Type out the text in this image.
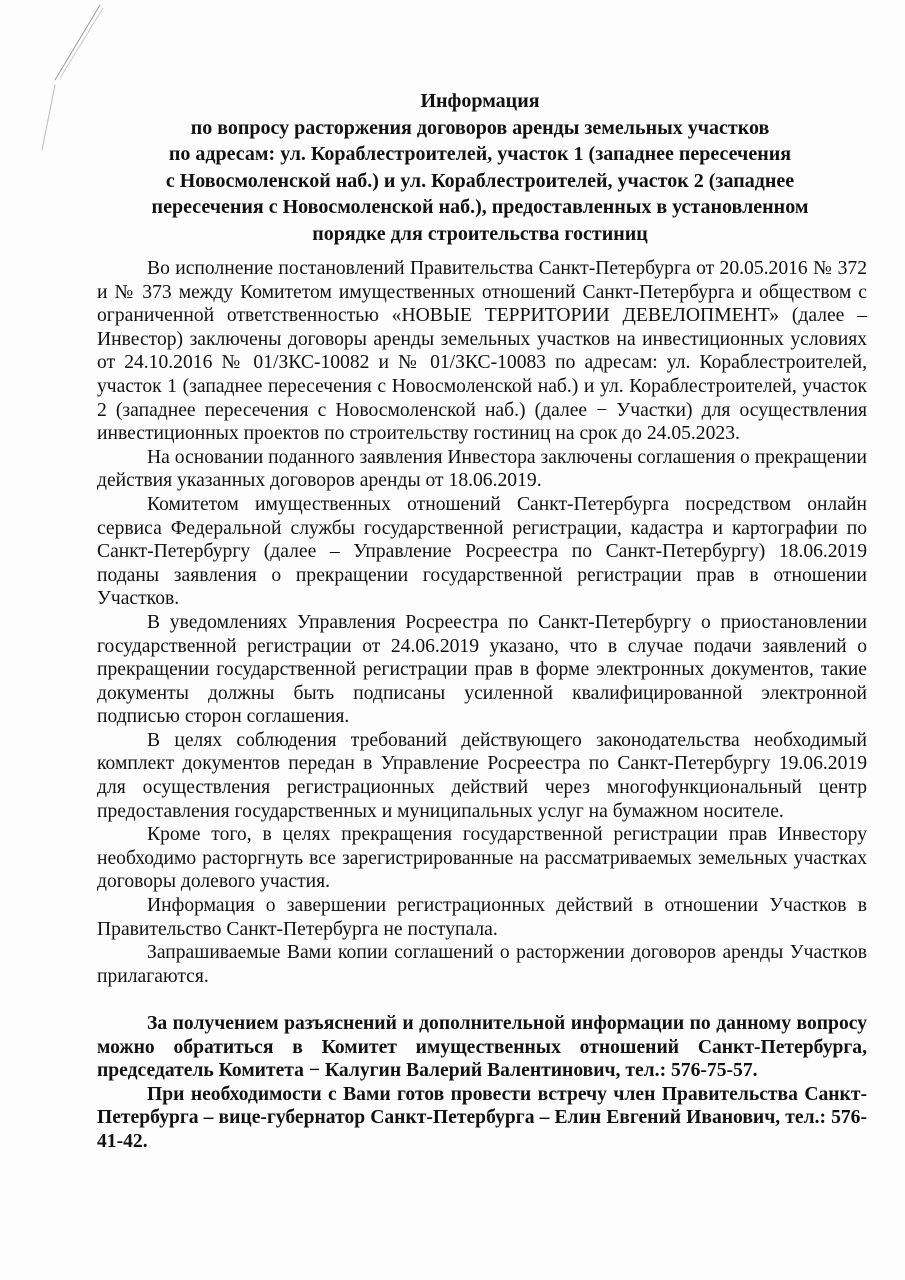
Информация
по вопросу расторжения договоров аренды земельных участков
по адресам: ул. Кораблестроителей, участок 1 (западнее пересечения
с Новосмоленской наб.) и ул. Кораблестроителей, участок 2 (западнее
пересечения с Новосмоленской наб.), предоставленных в установленном
порядке для строительства гостиниц

Во исполнение постановлений Правительства Санкт-Петербурга от 20.05.2016 № 372 и № 373 между Комитетом имущественных отношений Санкт-Петербурга и обществом с ограниченной ответственностью «НОВЫЕ ТЕРРИТОРИИ ДЕВЕЛОПМЕНТ» (далее – Инвестор) заключены договоры аренды земельных участков на инвестиционных условиях от 24.10.2016 № 01/ЗКС-10082 и № 01/ЗКС-10083 по адресам: ул. Кораблестроителей, участок 1 (западнее пересечения с Новосмоленской наб.) и ул. Кораблестроителей, участок 2 (западнее пересечения с Новосмоленской наб.) (далее − Участки) для осуществления инвестиционных проектов по строительству гостиниц на срок до 24.05.2023.

На основании поданного заявления Инвестора заключены соглашения о прекращении действия указанных договоров аренды от 18.06.2019.

Комитетом имущественных отношений Санкт-Петербурга посредством онлайн сервиса Федеральной службы государственной регистрации, кадастра и картографии по Санкт-Петербургу (далее – Управление Росреестра по Санкт-Петербургу) 18.06.2019 поданы заявления о прекращении государственной регистрации прав в отношении Участков.

В уведомлениях Управления Росреестра по Санкт-Петербургу о приостановлении государственной регистрации от 24.06.2019 указано, что в случае подачи заявлений о прекращении государственной регистрации прав в форме электронных документов, такие документы должны быть подписаны усиленной квалифицированной электронной подписью сторон соглашения.

В целях соблюдения требований действующего законодательства необходимый комплект документов передан в Управление Росреестра по Санкт-Петербургу 19.06.2019 для осуществления регистрационных действий через многофункциональный центр предоставления государственных и муниципальных услуг на бумажном носителе.

Кроме того, в целях прекращения государственной регистрации прав Инвестору необходимо расторгнуть все зарегистрированные на рассматриваемых земельных участках договоры долевого участия.

Информация о завершении регистрационных действий в отношении Участков в Правительство Санкт-Петербурга не поступала.

Запрашиваемые Вами копии соглашений о расторжении договоров аренды Участков прилагаются.

За получением разъяснений и дополнительной информации по данному вопросу можно обратиться в Комитет имущественных отношений Санкт-Петербурга, председатель Комитета − Калугин Валерий Валентинович, тел.: 576-75-57.

При необходимости с Вами готов провести встречу член Правительства Санкт-Петербурга – вице-губернатор Санкт-Петербурга – Елин Евгений Иванович, тел.: 576-41-42.
